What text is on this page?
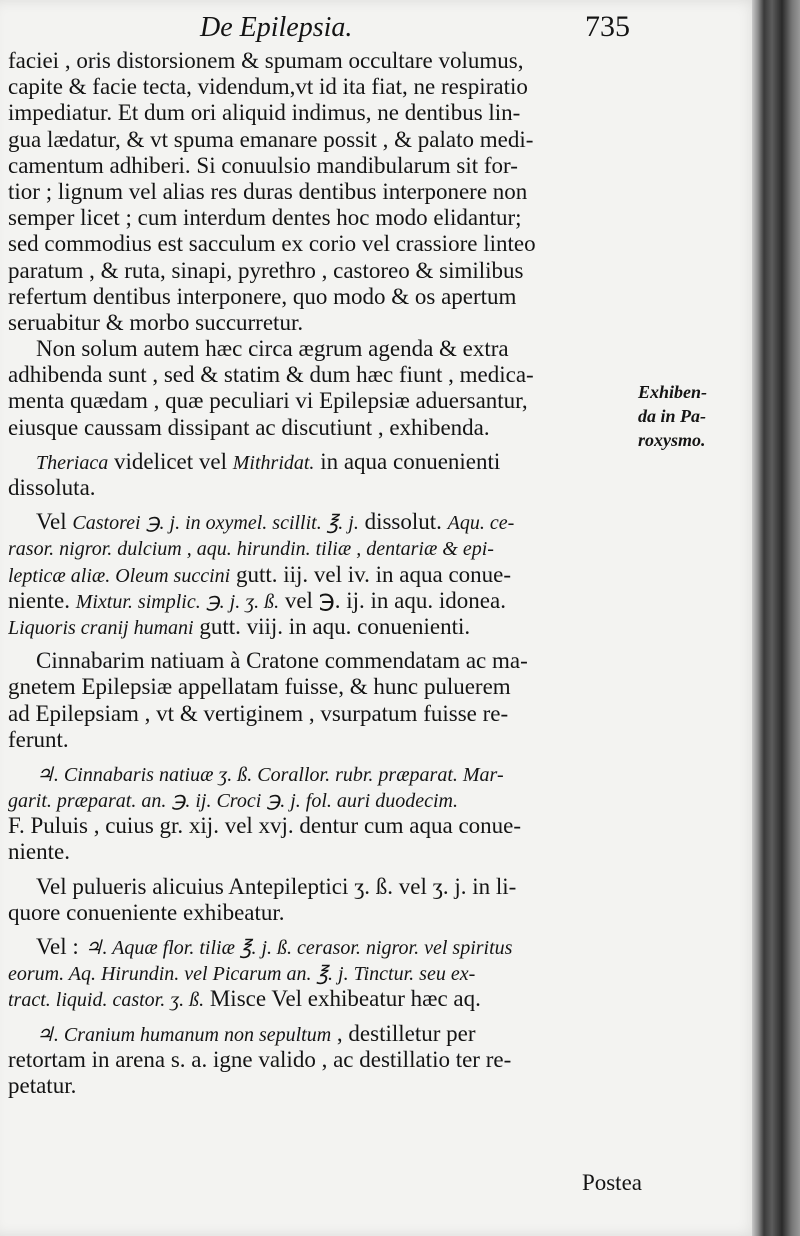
De Epilepsia.	735
faciei , oris distorsionem & spumam occultare volumus,
capite & facie tecta, videndum,vt id ita fiat, ne respiratio
impediatur. Et dum ori aliquid indimus, ne dentibus lin-
gua lædatur, & vt spuma emanare possit , & palato medi-
camentum adhiberi. Si conuulsio mandibularum sit for-
tior ; lignum vel alias res duras dentibus interponere non
semper licet ; cum interdum dentes hoc modo elidantur;
sed commodius est sacculum ex corio vel crassiore linteo
paratum , & ruta, sinapi, pyrethro , castoreo & similibus
refertum dentibus interponere, quo modo & os apertum
seruabitur & morbo succurretur.
Non solum autem hæc circa ægrum agenda & extra
adhibenda sunt , sed & statim & dum hæc fiunt , medica-
menta quædam , quæ peculiari vi Epilepsiæ aduersantur,
eiusque caussam dissipant ac discutiunt , exhibenda.
Theriaca videlicet vel Mithridat. in aqua conuenienti
dissoluta.
Vel Castorei ℈. j. in oxymel. scillit. ℥. j. dissolut. Aqu. ce-
rasor. nigror. dulcium , aqu. hirundin. tiliæ , dentariæ & epi-
lepticæ aliæ. Oleum succini gutt. iij. vel iv. in aqua conue-
niente. Mixtur. simplic. ℈. j. ʒ. ß. vel ℈. ij. in aqu. idonea.
Liquoris cranij humani gutt. viij. in aqu. conuenienti.
Cinnabarim natiuam à Cratone commendatam ac ma-
gnetem Epilepsiæ appellatam fuisse, & hunc puluerem
ad Epilepsiam , vt & vertiginem , vsurpatum fuisse re-
ferunt.
♃. Cinnabaris natiuæ ʒ. ß. Corallor. rubr. præparat. Mar-
garit. præparat. an. ℈. ij. Croci ℈. j. fol. auri duodecim.
F. Puluis , cuius gr. xij. vel xvj. dentur cum aqua conue-
niente.
Vel pulueris alicuius Antepileptici ʒ. ß. vel ʒ. j. in li-
quore conueniente exhibeatur.
Vel : ♃. Aquæ flor. tiliæ ℥. j. ß. cerasor. nigror. vel spiritus
eorum. Aq. Hirundin. vel Picarum an. ℥. j. Tinctur. seu ex-
tract. liquid. castor. ʒ. ß. Misce Vel exhibeatur hæc aq.
♃. Cranium humanum non sepultum , destilletur per
retortam in arena s. a. igne valido , ac destillatio ter re-
petatur.
Exhiben-
da in Pa-
roxysmo.
Postea
